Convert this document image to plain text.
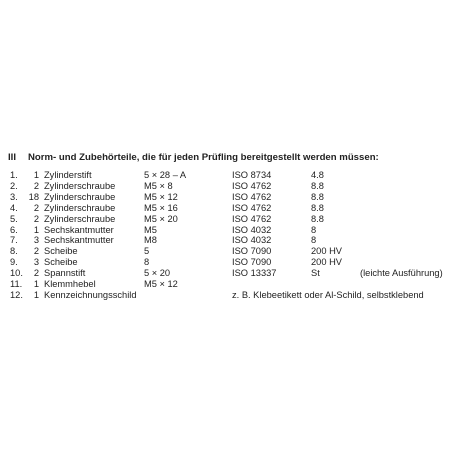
III Norm- und Zubehörteile, die für jeden Prüfling bereitgestellt werden müssen:
1.	1 Zylinderstift	5 × 28 – A	ISO 8734	4.8
2.	2 Zylinderschraube	M5 × 8	ISO 4762	8.8
3.	18 Zylinderschraube	M5 × 12	ISO 4762	8.8
4.	2 Zylinderschraube	M5 × 16	ISO 4762	8.8
5.	2 Zylinderschraube	M5 × 20	ISO 4762	8.8
6.	1 Sechskantmutter	M5	ISO 4032	8
7.	3 Sechskantmutter	M8	ISO 4032	8
8.	2 Scheibe	5	ISO 7090	200 HV
9.	3 Scheibe	8	ISO 7090	200 HV
10.	2 Spannstift	5 × 20	ISO 13337	St	(leichte Ausführung)
11.	1 Klemmhebel	M5 × 12
12.	1 Kennzeichnungsschild	z. B. Klebeetikett oder Al-Schild, selbstklebend
